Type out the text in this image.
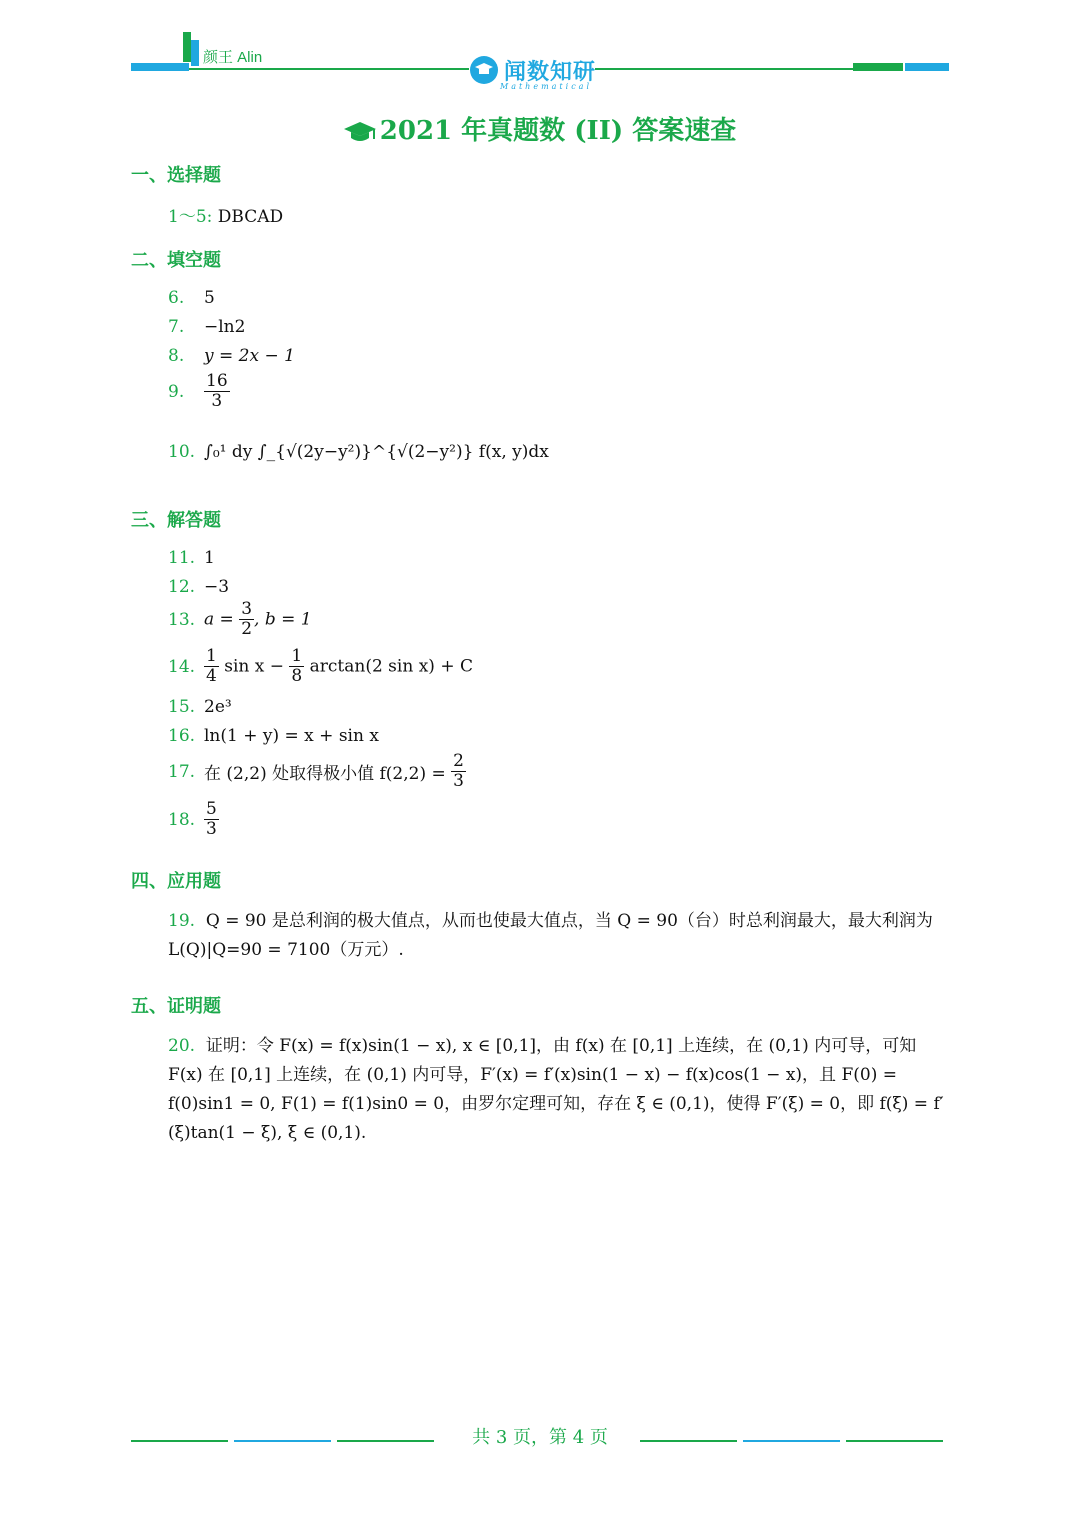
颜王 Alin
闻数知研
Mathematical
2021 年真题数 (II) 答案速查
一、选择题
1～5: DBCAD
二、填空题
6. 5
7. −ln2
8. y = 2x − 1
9. $\frac{16}{3}$
10. ∫₀¹ dy ∫_{√(2y−y²)}^{√(2−y²)} f(x, y)dx
三、解答题
11. 1
12. −3
13. $a = \frac{3}{2}$ , b = 1
14. $\frac{1}{4}$ $\sin x - \frac{1}{8} \arctan(2$ sin x) + C
15. 2e³
16. ln(1 + y) = x + sin x
17. 在 (2,2) 处取得极小值 $f(2,2) = \frac{2}{3}$
18. $\frac{5}{3}$
四、应用题
19. Q = 90 是总利润的极大值点，从而也使最大值点，当 Q = 90（台）时总利润最大，最大利润为 L(Q)|Q=90 = 7100（万元）.
五、证明题
20. 证明：令 F(x) = f(x)sin(1 − x), x ∈ [0,1]，由 f(x) 在 [0,1] 上连续，在 (0,1) 内可导，可知 F(x) 在 [0,1] 上连续，在 (0,1) 内可导，F′(x) = f′(x)sin(1 − x) − f(x)cos(1 − x)，且 F(0) = f(0)sin1 = 0, F(1) = f(1)sin0 = 0，由罗尔定理可知，存在 ξ ∈ (0,1)，使得 F′(ξ) = 0，即 f(ξ) = f′(ξ)tan(1 − ξ), ξ ∈ (0,1).
共 3 页，第 4 页
